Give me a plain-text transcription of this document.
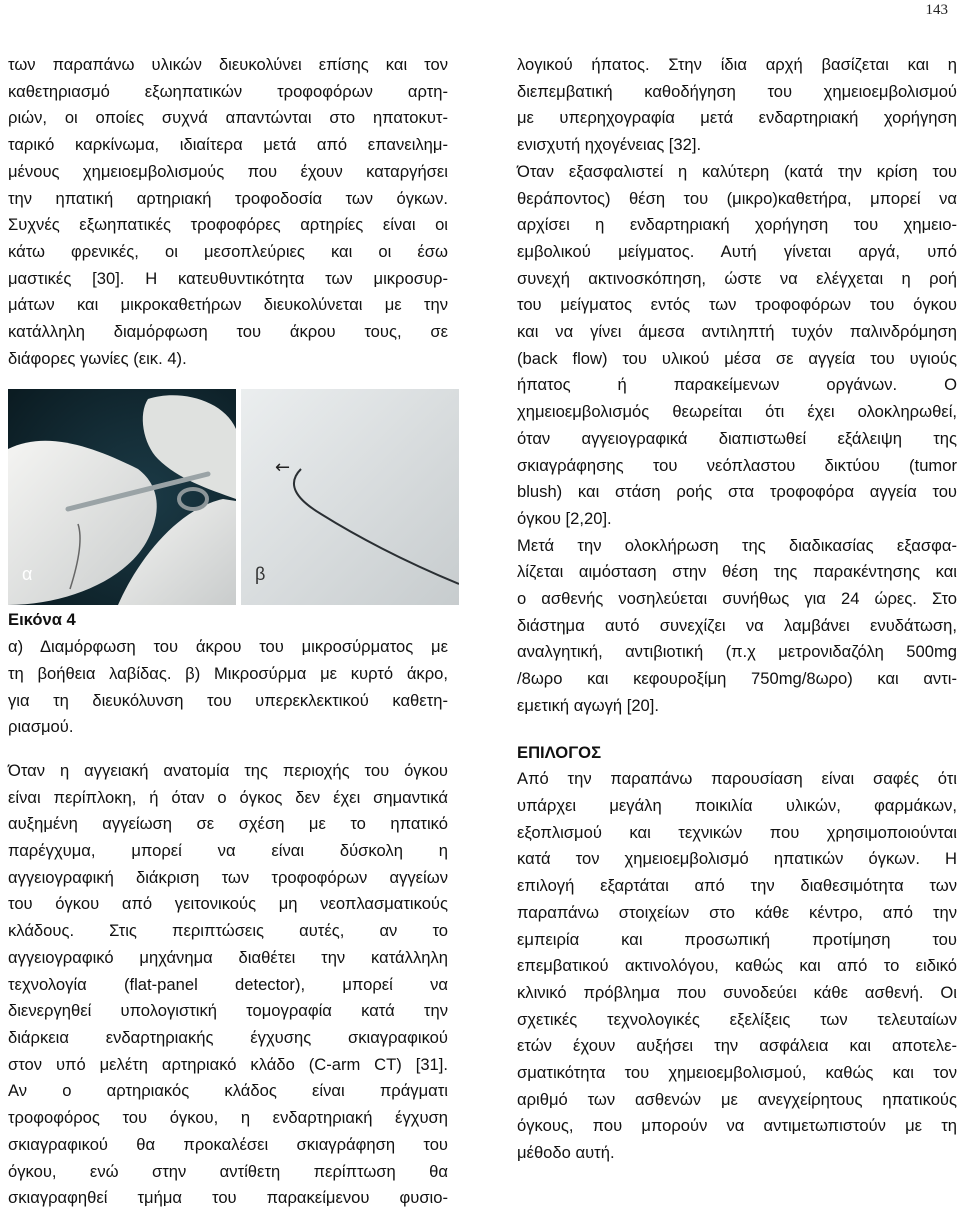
143

των παραπάνω υλικών διευκολύνει επίσης και τον
καθετηριασμό εξωηπατικών τροφοφόρων αρτη-
ριών, οι οποίες συχνά απαντώνται στο ηπατοκυτ-
ταρικό καρκίνωμα, ιδιαίτερα μετά από επανειλημ-
μένους χημειοεμβολισμούς που έχουν καταργήσει
την ηπατική αρτηριακή τροφοδοσία των όγκων.
Συχνές εξωηπατικές τροφοφόρες αρτηρίες είναι οι
κάτω φρενικές, οι μεσοπλεύριες και οι έσω
μαστικές [30]. Η κατευθυντικότητα των μικροσυρ-
μάτων και μικροκαθετήρων διευκολύνεται με την
κατάλληλη διαμόρφωση του άκρου τους, σε
διάφορες γωνίες (εικ. 4).

α
←
β
Εικόνα 4

α) Διαμόρφωση του άκρου του μικροσύρματος με
τη βοήθεια λαβίδας. β) Μικροσύρμα με κυρτό άκρο,
για τη διευκόλυνση του υπερεκλεκτικού καθετη-
ριασμού.

Όταν η αγγειακή ανατομία της περιοχής του όγκου
είναι περίπλοκη, ή όταν ο όγκος δεν έχει σημαντικά
αυξημένη αγγείωση σε σχέση με το ηπατικό
παρέγχυμα, μπορεί να είναι δύσκολη η
αγγειογραφική διάκριση των τροφοφόρων αγγείων
του όγκου από γειτονικούς μη νεοπλασματικούς
κλάδους. Στις περιπτώσεις αυτές, αν το
αγγειογραφικό μηχάνημα διαθέτει την κατάλληλη
τεχνολογία (flat-panel detector), μπορεί να
διενεργηθεί υπολογιστική τομογραφία κατά την
διάρκεια ενδαρτηριακής έγχυσης σκιαγραφικού
στον υπό μελέτη αρτηριακό κλάδο (C-arm CT) [31].
Αν ο αρτηριακός κλάδος είναι πράγματι
τροφοφόρος του όγκου, η ενδαρτηριακή έγχυση
σκιαγραφικού θα προκαλέσει σκιαγράφηση του
όγκου, ενώ στην αντίθετη περίπτωση θα
σκιαγραφηθεί τμήμα του παρακείμενου φυσιο-

λογικού ήπατος. Στην ίδια αρχή βασίζεται και η
διεπεμβατική καθοδήγηση του χημειοεμβολισμού
με υπερηχογραφία μετά ενδαρτηριακή χορήγηση
ενισχυτή ηχογένειας [32].

Όταν εξασφαλιστεί η καλύτερη (κατά την κρίση του
θεράποντος) θέση του (μικρο)καθετήρα, μπορεί να
αρχίσει η ενδαρτηριακή χορήγηση του χημειο-
εμβολικού μείγματος. Αυτή γίνεται αργά, υπό
συνεχή ακτινοσκόπηση, ώστε να ελέγχεται η ροή
του μείγματος εντός των τροφοφόρων του όγκου
και να γίνει άμεσα αντιληπτή τυχόν παλινδρόμηση
(back flow) του υλικού μέσα σε αγγεία του υγιούς
ήπατος ή παρακείμενων οργάνων. Ο
χημειοεμβολισμός θεωρείται ότι έχει ολοκληρωθεί,
όταν αγγειογραφικά διαπιστωθεί εξάλειψη της
σκιαγράφησης του νεόπλαστου δικτύου (tumor
blush) και στάση ροής στα τροφοφόρα αγγεία του
όγκου [2,20].

Μετά την ολοκλήρωση της διαδικασίας εξασφα-
λίζεται αιμόσταση στην θέση της παρακέντησης και
ο ασθενής νοσηλεύεται συνήθως για 24 ώρες. Στο
διάστημα αυτό συνεχίζει να λαμβάνει ενυδάτωση,
αναλγητική, αντιβιοτική (π.χ μετρονιδαζόλη 500mg
/8ωρο και κεφουροξίμη 750mg/8ωρο) και αντι-
εμετική αγωγή [20].

ΕΠΙΛΟΓΟΣ

Από την παραπάνω παρουσίαση είναι σαφές ότι
υπάρχει μεγάλη ποικιλία υλικών, φαρμάκων,
εξοπλισμού και τεχνικών που χρησιμοποιούνται
κατά τον χημειοεμβολισμό ηπατικών όγκων. Η
επιλογή εξαρτάται από την διαθεσιμότητα των
παραπάνω στοιχείων στο κάθε κέντρο, από την
εμπειρία και προσωπική προτίμηση του
επεμβατικού ακτινολόγου, καθώς και από το ειδικό
κλινικό πρόβλημα που συνοδεύει κάθε ασθενή. Οι
σχετικές τεχνολογικές εξελίξεις των τελευταίων
ετών έχουν αυξήσει την ασφάλεια και αποτελε-
σματικότητα του χημειοεμβολισμού, καθώς και τον
αριθμό των ασθενών με ανεγχείρητους ηπατικούς
όγκους, που μπορούν να αντιμετωπιστούν με τη
μέθοδο αυτή.
